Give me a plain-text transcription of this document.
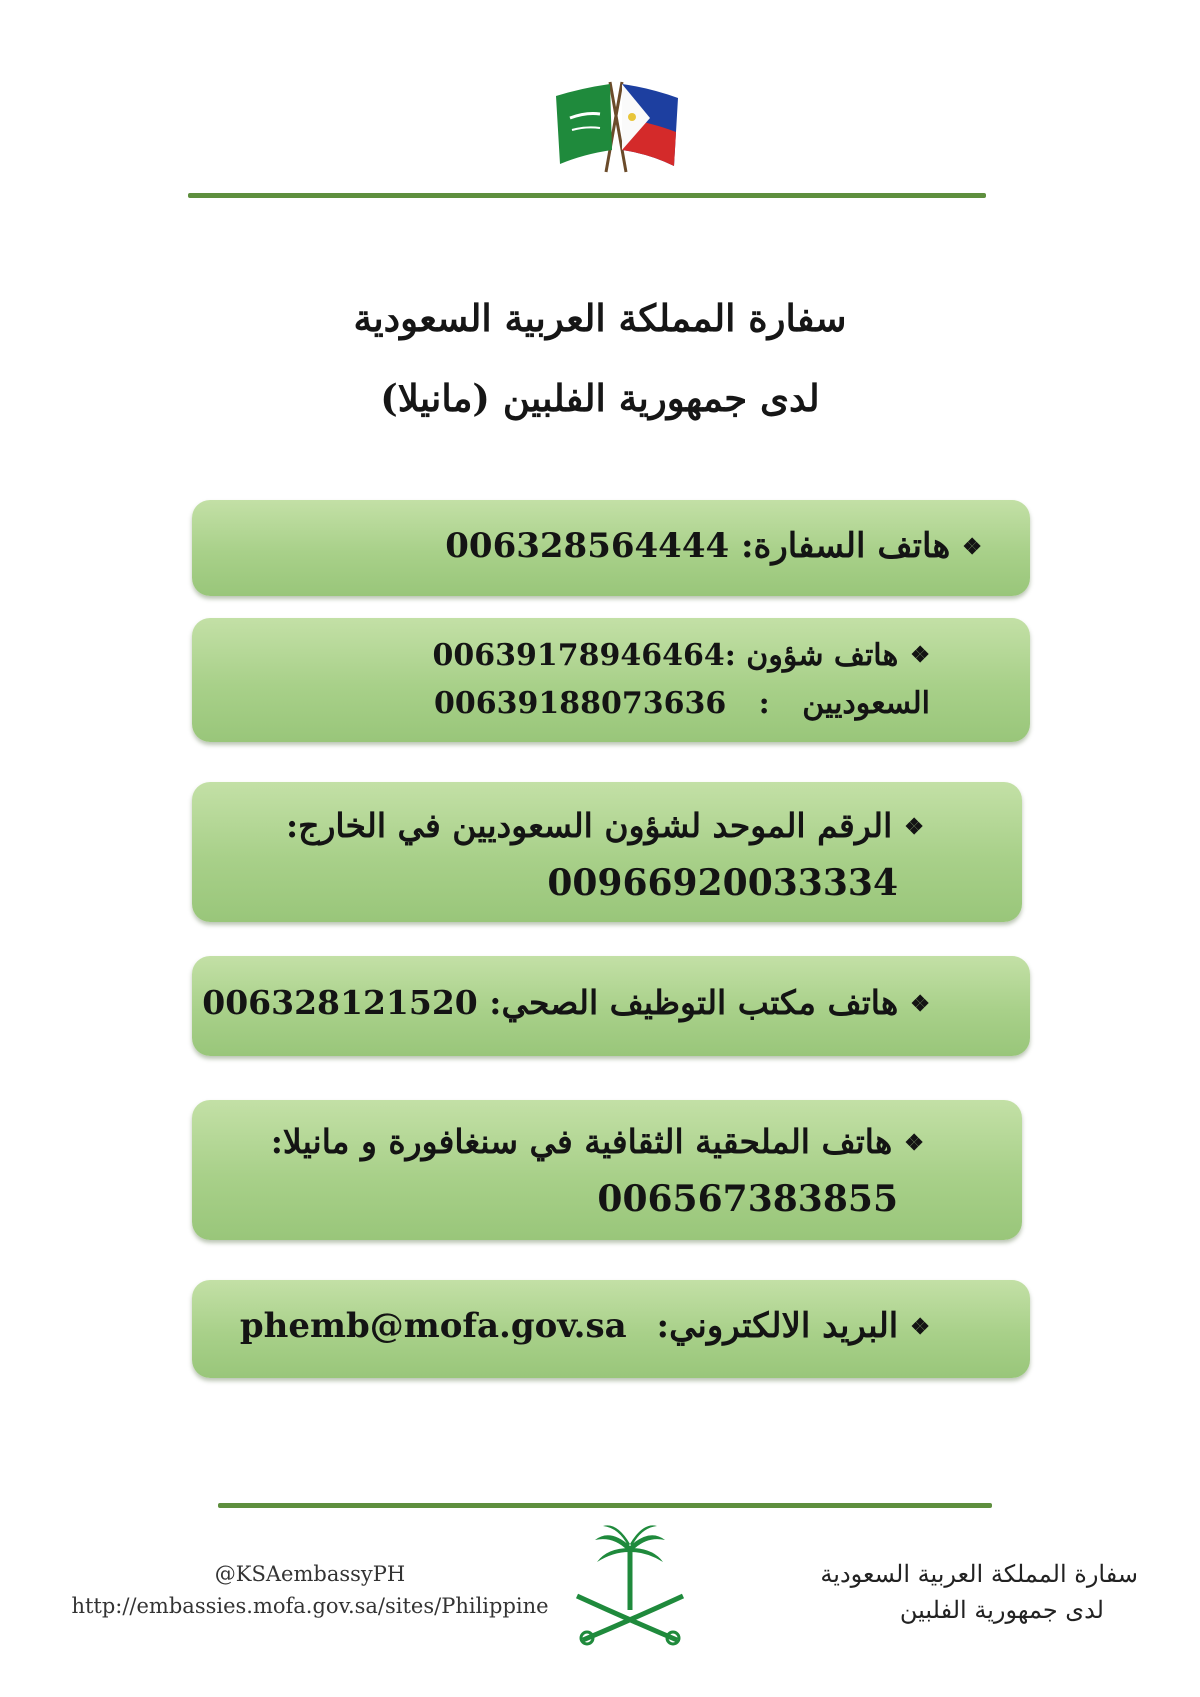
سفارة المملكة العربية السعودية
لدى جمهورية الفلبين (مانيلا)
❖هاتف السفارة: 006328564444
❖هاتف شؤون 00639178946464:
السعوديين : 00639188073636
❖الرقم الموحد لشؤون السعوديين في الخارج:
00966920033334
❖هاتف مكتب التوظيف الصحي: 006328121520
❖هاتف الملحقية الثقافية في سنغافورة و مانيلا:
006567383855
❖البريد الالكتروني: phemb@mofa.gov.sa
@KSAembassyPH
http://embassies.mofa.gov.sa/sites/Philippine
سفارة المملكة العربية السعودية
لدى جمهورية الفلبين
